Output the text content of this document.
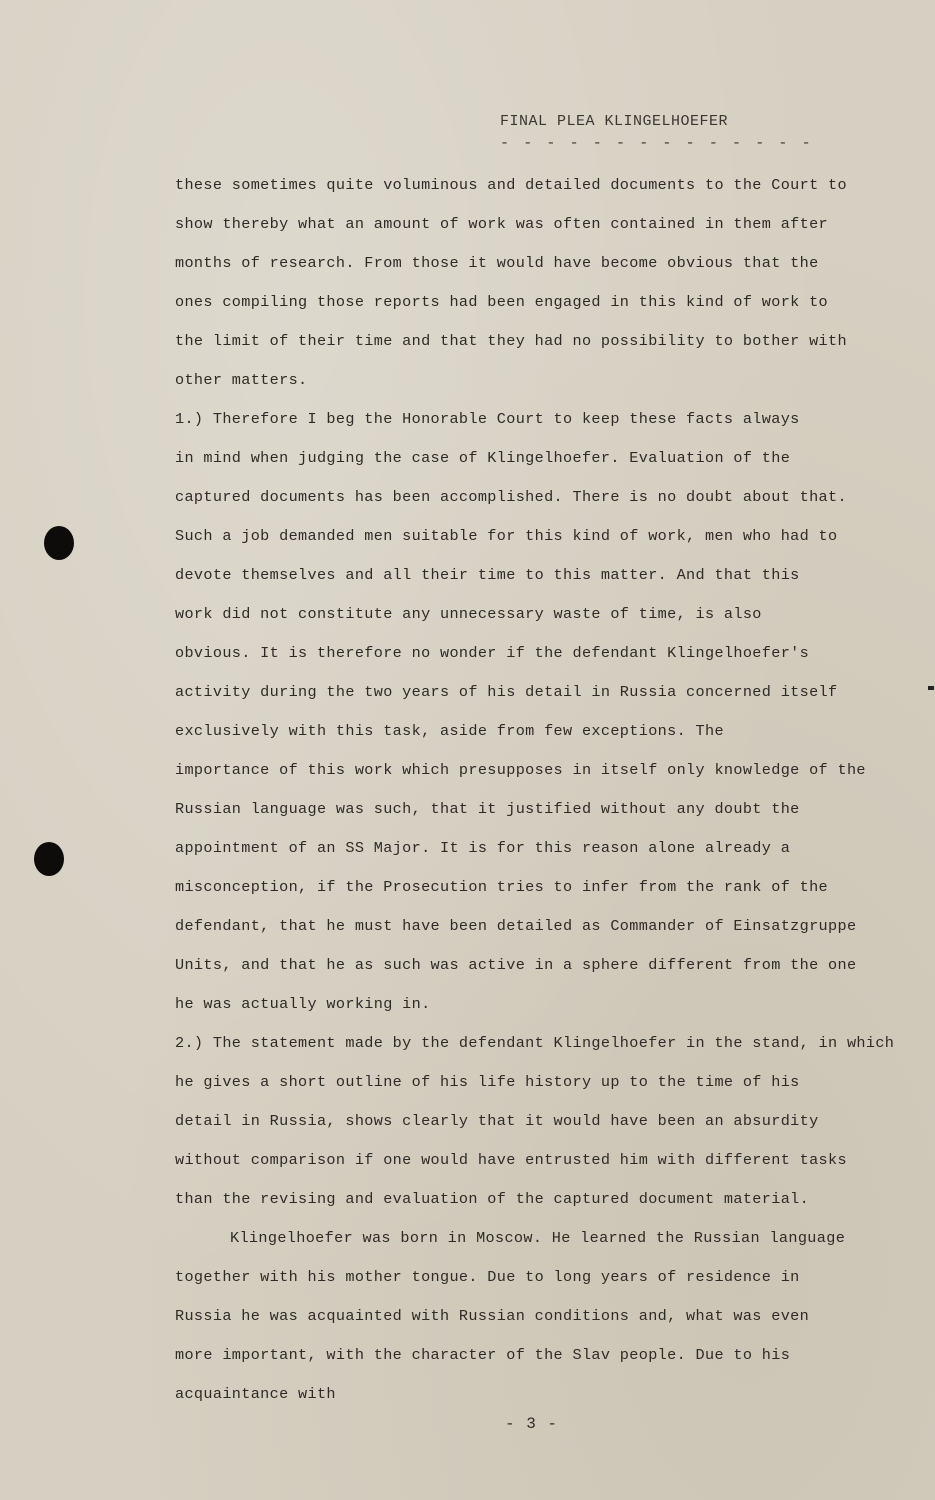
FINAL PLEA KLINGELHOEFER
- - - - - - - - - - - - - -
these sometimes quite voluminous and detailed documents to the Court to
show thereby what an amount of work was often contained in them after
months of research. From those it would have become obvious that the
ones compiling those reports had been engaged in this kind of work to
the limit of their time and that they had no possibility to bother with
other matters.
1.) Therefore I beg the Honorable Court to keep these facts always
in mind when judging the case of Klingelhoefer. Evaluation of the
captured documents has been accomplished. There is no doubt about that.
Such a job demanded men suitable for this kind of work, men who had to
devote themselves and all their time to this matter. And that this
work did not constitute any unnecessary waste of time, is also
obvious. It is therefore no wonder if the defendant Klingelhoefer's
activity during the two years of his detail in Russia concerned itself
exclusively with this task, aside from few exceptions. The
importance of this work which presupposes in itself only knowledge of the
Russian language was such, that it justified without any doubt the
appointment of an SS Major. It is for this reason alone already a
misconception, if the Prosecution tries to infer from the rank of the
defendant, that he must have been detailed as Commander of Einsatzgruppe
Units, and that he as such was active in a sphere different from the one
he was actually working in.
2.) The statement made by the defendant Klingelhoefer in the stand, in which
he gives a short outline of his life history up to the time of his
detail in Russia, shows clearly that it would have been an absurdity
without comparison if one would have entrusted him with different tasks
than the revising and evaluation of the captured document material.
Klingelhoefer was born in Moscow. He learned the Russian language
together with his mother tongue. Due to long years of residence in
Russia he was acquainted with Russian conditions and, what was even
more important, with the character of the Slav people. Due to his
acquaintance with
- 3 -
